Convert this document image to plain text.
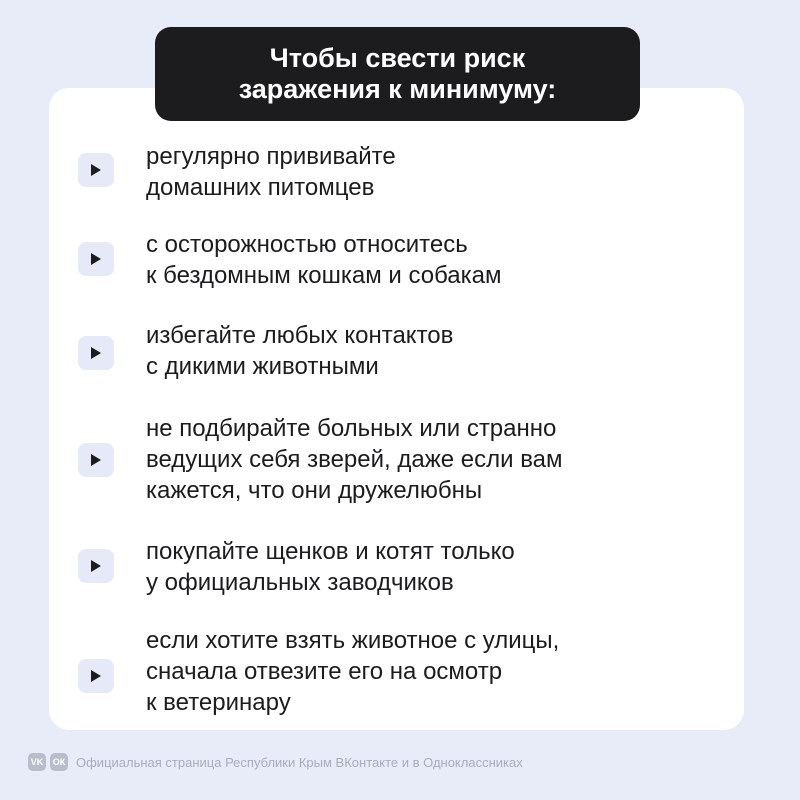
Чтобы свести риск
заражения к минимуму:
регулярно прививайте
домашних питомцев
с осторожностью относитесь
к бездомным кошкам и собакам
избегайте любых контактов
с дикими животными
не подбирайте больных или странно
ведущих себя зверей, даже если вам
кажется, что они дружелюбны
покупайте щенков и котят только
у официальных заводчиков
если хотите взять животное с улицы,
сначала отвезите его на осмотр
к ветеринару
VK	ОК Официальная страница Республики Крым ВКонтакте и в Одноклассниках
